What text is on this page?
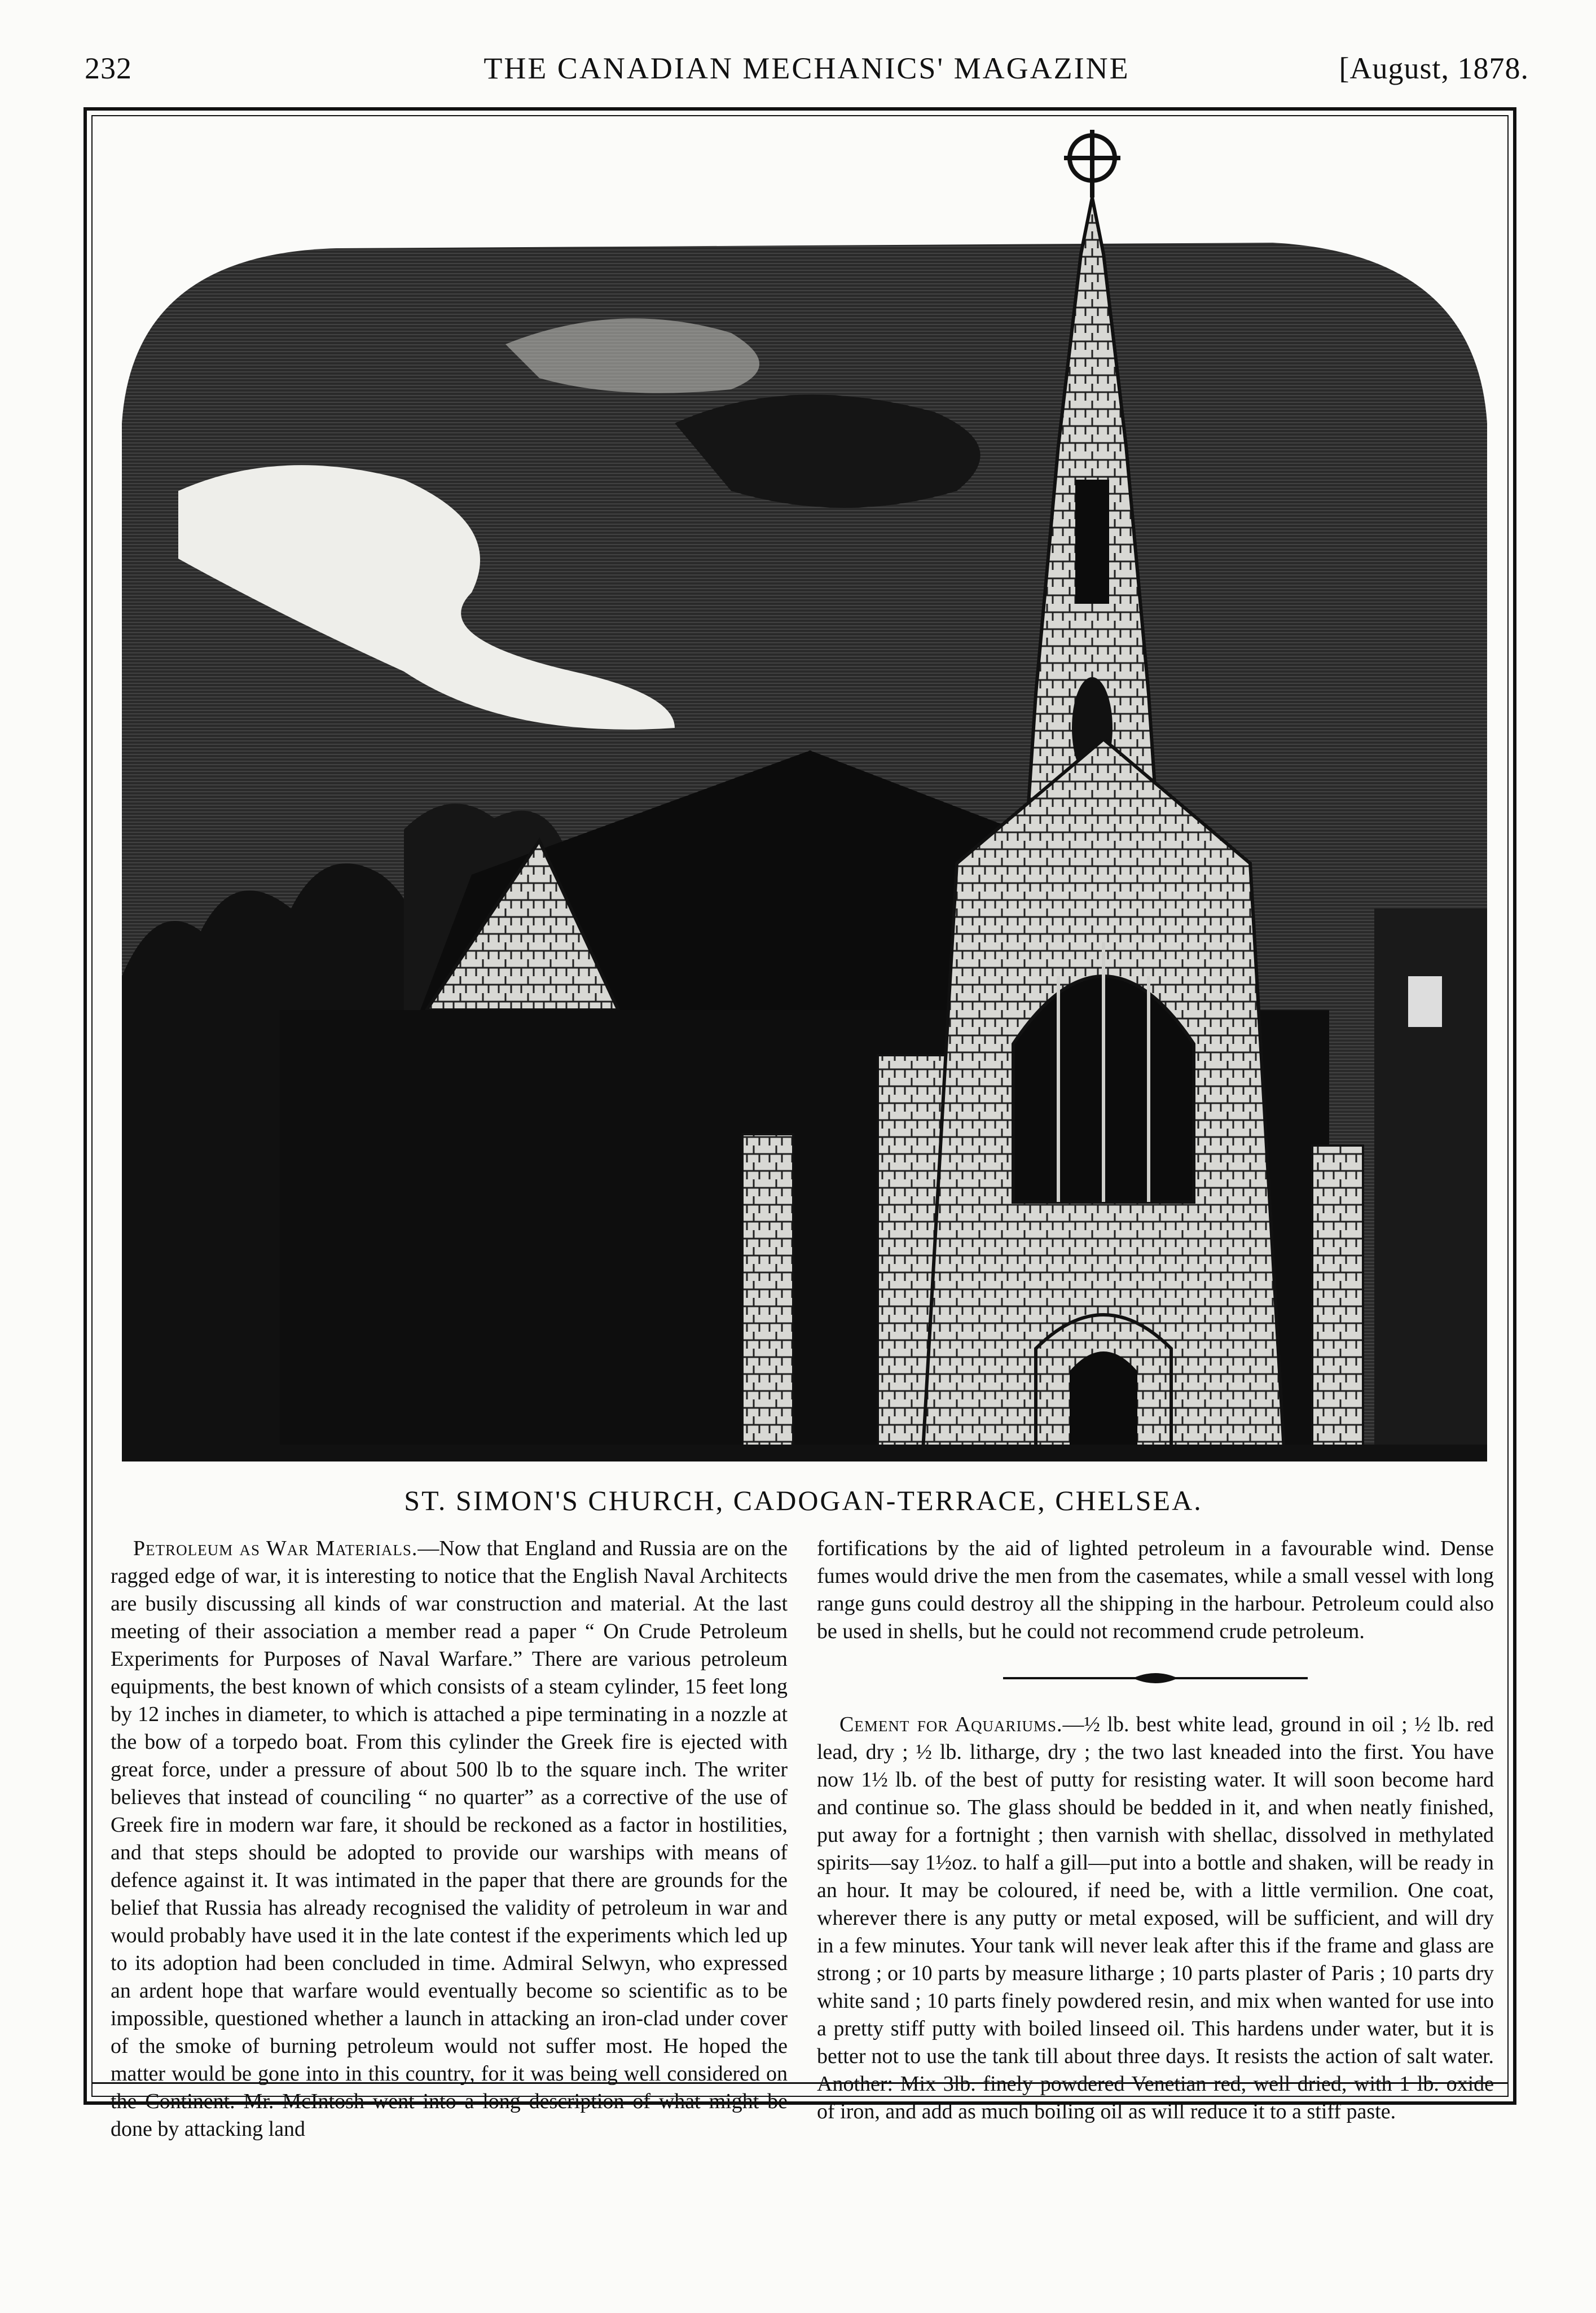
232	THE CANADIAN MECHANICS' MAGAZINE	[August, 1878.
ST. SIMON'S CHURCH, CADOGAN-TERRACE, CHELSEA.

Petroleum as War Materials.—Now that England and Russia are on the ragged edge of war, it is interesting to notice that the English Naval Architects are busily discussing all kinds of war construction and material. At the last meeting of their association a member read a paper “ On Crude Petroleum Experiments for Purposes of Naval Warfare.” There are various petroleum equipments, the best known of which consists of a steam cylinder, 15 feet long by 12 inches in diameter, to which is attached a pipe terminating in a nozzle at the bow of a torpedo boat. From this cylinder the Greek fire is ejected with great force, under a pressure of about 500 lb to the square inch. The writer believes that instead of counciling “ no quarter” as a corrective of the use of Greek fire in modern war fare, it should be reckoned as a factor in hostilities, and that steps should be adopted to provide our warships with means of defence against it. It was intimated in the paper that there are grounds for the belief that Russia has already recognised the validity of petroleum in war and would probably have used it in the late contest if the experiments which led up to its adoption had been concluded in time. Admiral Selwyn, who expressed an ardent hope that warfare would eventually become so scientific as to be impossible, questioned whether a launch in attacking an iron-clad under cover of the smoke of burning petroleum would not suffer most. He hoped the matter would be gone into in this country, for it was being well considered on the Continent. Mr. McIntosh went into a long description of what might be done by attacking land

fortifications by the aid of lighted petroleum in a favourable wind. Dense fumes would drive the men from the casemates, while a small vessel with long range guns could destroy all the shipping in the harbour. Petroleum could also be used in shells, but he could not recommend crude petroleum.

Cement for Aquariums.—½ lb. best white lead, ground in oil ; ½ lb. red lead, dry ; ½ lb. litharge, dry ; the two last kneaded into the first. You have now 1½ lb. of the best of putty for resisting water. It will soon become hard and continue so. The glass should be bedded in it, and when neatly finished, put away for a fortnight ; then varnish with shellac, dissolved in methylated spirits—say 1½oz. to half a gill—put into a bottle and shaken, will be ready in an hour. It may be coloured, if need be, with a little vermilion. One coat, wherever there is any putty or metal exposed, will be sufficient, and will dry in a few minutes. Your tank will never leak after this if the frame and glass are strong ; or 10 parts by measure litharge ; 10 parts plaster of Paris ; 10 parts dry white sand ; 10 parts finely powdered resin, and mix when wanted for use into a pretty stiff putty with boiled linseed oil. This hardens under water, but it is better not to use the tank till about three days. It resists the action of salt water. Another: Mix 3lb. finely powdered Venetian red, well dried, with 1 lb. oxide of iron, and add as much boiling oil as will reduce it to a stiff paste.
